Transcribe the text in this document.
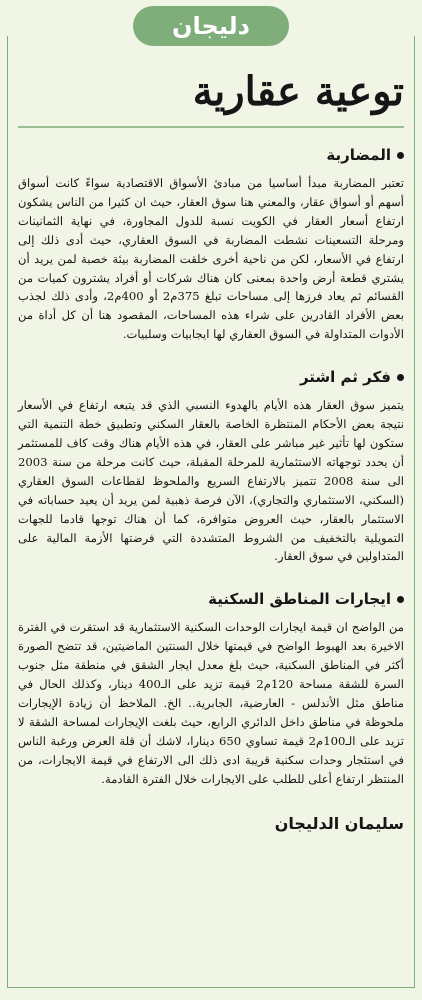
دليجان
توعية عقارية
المضاربة

تعتبر المضاربة مبدأ أساسيا من مبادئ الأسواق الاقتصادية سواءً كانت أسواق أسهم أو أسواق عقار، والمعني هنا سوق العقار، حيث ان كثيرا من الناس يشكون ارتفاع أسعار العقار في الكويت نسبة للدول المجاورة، في نهاية الثمانينات ومرحلة التسعينات نشطت المضاربة في السوق العقاري، حيث أدى ذلك إلى ارتفاع في الأسعار، لكن من ناحية أخرى خلقت المضاربة بيئة خصبة لمن يريد أن يشتري قطعة أرض واحدة بمعنى كان هناك شركات أو أفراد يشترون كميات من القسائم ثم يعاد فرزها إلى مساحات تبلغ 375م2 أو 400م2، وأدى ذلك لجذب بعض الأفراد القادرين على شراء هذه المساحات، المقصود هنا أن كل أداة من الأدوات المتداولة في السوق العقاري لها ايجابيات وسلبيات.

فكر ثم اشتر

يتميز سوق العقار هذه الأيام بالهدوء النسبي الذي قد يتبعه ارتفاع في الأسعار نتيجة بعض الأحكام المنتظرة الخاصة بالعقار السكني وتطبيق خطة التنمية التي ستكون لها تأثير غير مباشر على العقار، في هذه الأيام هناك وقت كاف للمستثمر أن يحدد توجهاته الاستثمارية للمرحلة المقبلة، حيث كانت مرحلة من سنة 2003 الى سنة 2008 تتميز بالارتفاع السريع والملحوظ لقطاعات السوق العقاري (السكني، الاستثماري والتجاري)، الآن فرصة ذهبية لمن يريد أن يعيد حساباته في الاستثمار بالعقار، حيث العروض متوافرة، كما أن هناك توجها قادما للجهات التمويلية بالتخفيف من الشروط المتشددة التي فرضتها الأزمة المالية على المتداولين في سوق العقار.

ايجارات المناطق السكنية

من الواضح ان قيمة ايجارات الوحدات السكنية الاستثمارية قد استقرت في الفترة الاخيرة بعد الهبوط الواضح في قيمتها خلال السنتين الماضيتين، قد تتضح الصورة أكثر في المناطق السكنية، حيث بلغ معدل ايجار الشقق في منطقة مثل جنوب السرة للشقة مساحة 120م2 قيمة تزيد على الـ400 دينار، وكذلك الحال في مناطق مثل الأندلس - العارضية، الجابرية.. الخ. الملاحظ أن زيادة الإيجارات ملحوظة في مناطق داخل الدائري الرابع، حيث بلغت الإيجارات لمساحة الشقة لا تزيد على الـ100م2 قيمة تساوي 650 دينارا، لاشك أن قلة العرض ورغبة الناس في استئجار وحدات سكنية قريبة ادى ذلك الى الارتفاع في قيمة الايجارات، من المنتظر ارتفاع أعلى للطلب على الايجارات خلال الفترة القادمة.

سليمان الدليجان
